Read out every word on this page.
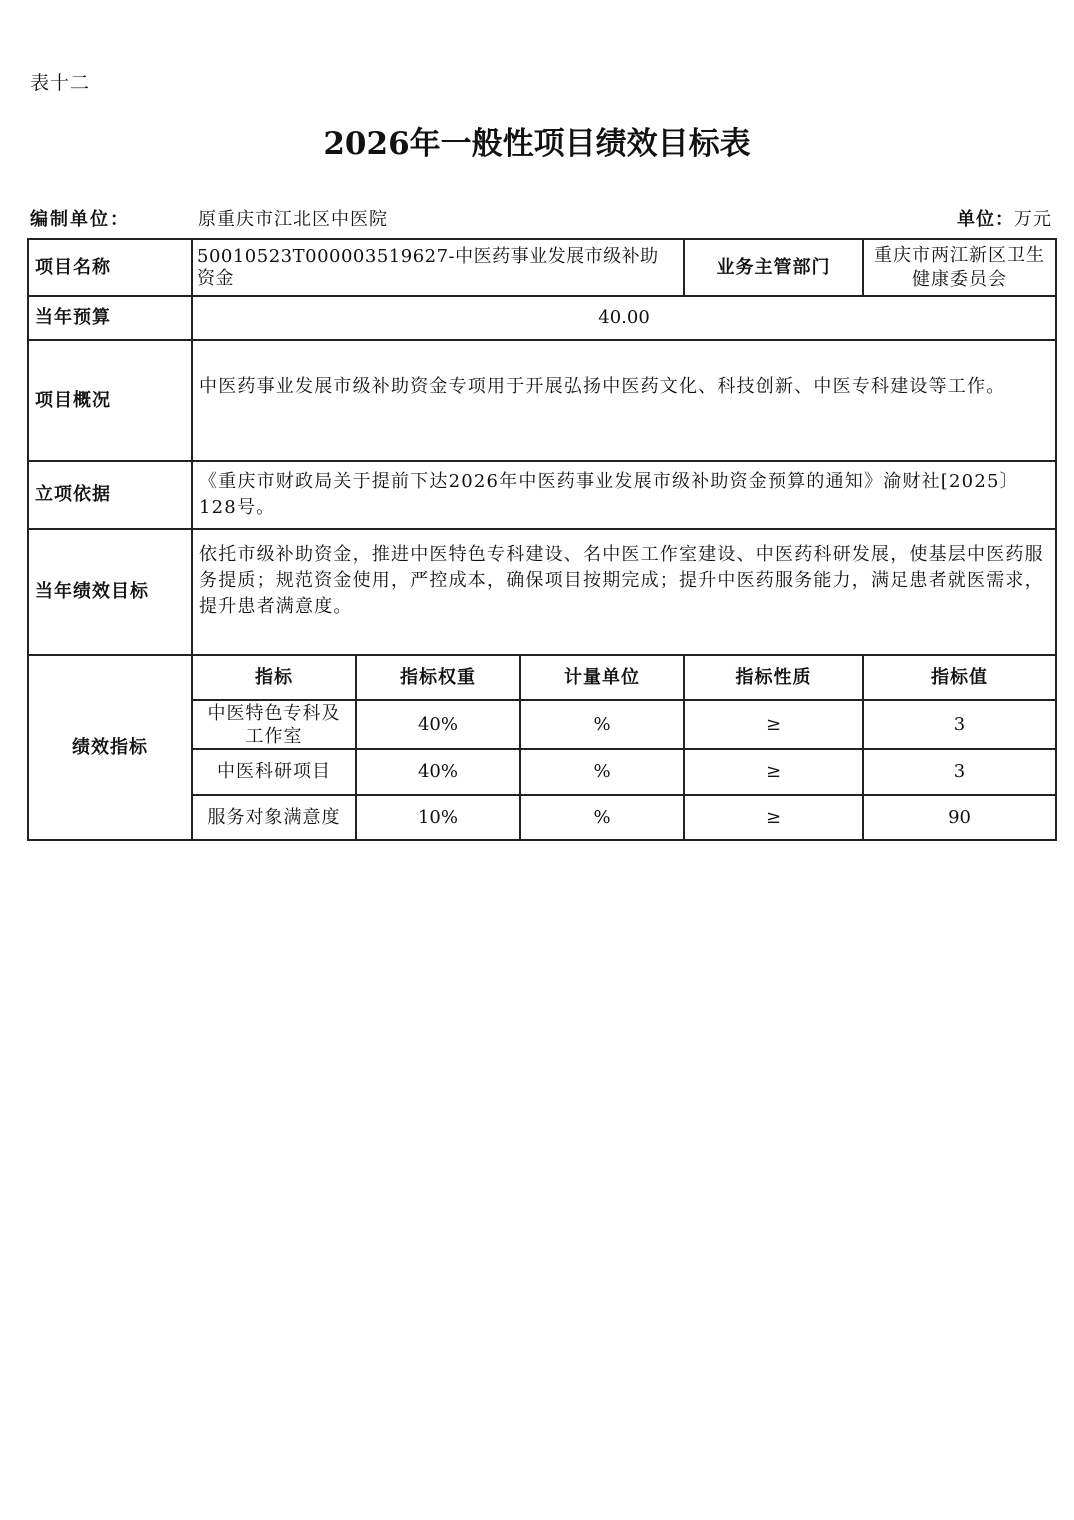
表十二
2026年一般性项目绩效目标表
编制单位：	原重庆市江北区中医院	单位：万元
项目名称	50010523T000003519627-中医药事业发展市级补助资金			业务主管部门	重庆市两江新区卫生健康委员会
当年预算	40.00				
项目概况	中医药事业发展市级补助资金专项用于开展弘扬中医药文化、科技创新、中医专科建设等工作。				
立项依据	《重庆市财政局关于提前下达2026年中医药事业发展市级补助资金预算的通知》渝财社[2025〕128号。				
当年绩效目标	依托市级补助资金，推进中医特色专科建设、名中医工作室建设、中医药科研发展，使基层中医药服务提质；规范资金使用，严控成本，确保项目按期完成；提升中医药服务能力，满足患者就医需求，提升患者满意度。				
绩效指标	指标	指标权重	计量单位	指标性质	指标值
	中医特色专科及工作室	40%	%	≥	3
	中医科研项目	40%	%	≥	3
	服务对象满意度	10%	%	≥	90
